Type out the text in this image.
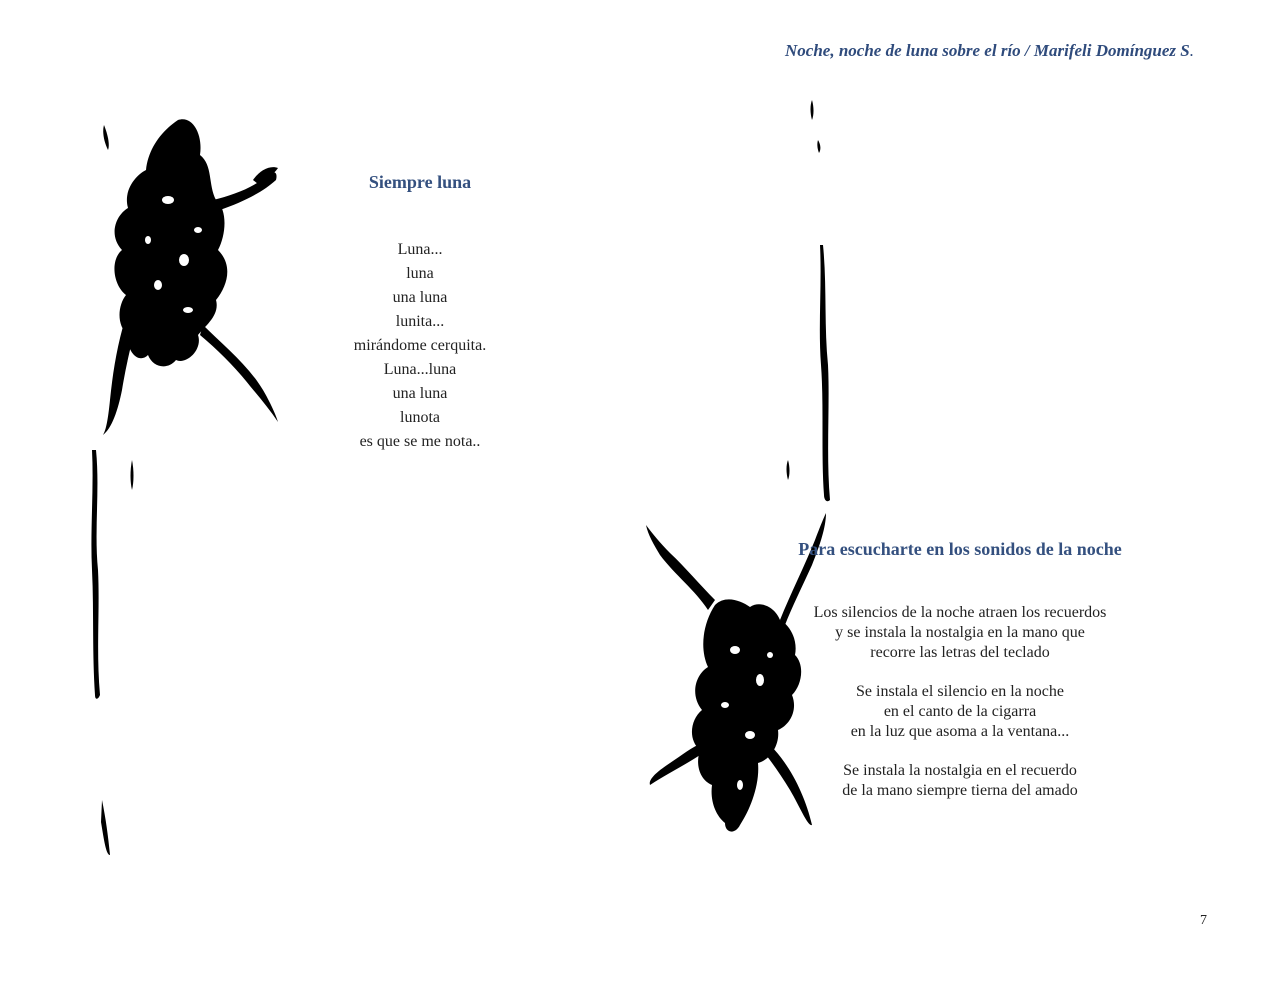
Noche, noche de luna sobre el río / Marifeli Domínguez S.
Siempre luna
Luna...
luna
una luna
lunita...
mirándome cerquita.
Luna...luna
una luna
lunota
es que se me nota..
Para escucharte en los sonidos de la noche
Los silencios de la noche atraen los recuerdos
y se instala la nostalgia en la mano que
recorre las letras del teclado
Se instala el silencio en la noche
en el canto de la cigarra
en la luz que asoma a la ventana...
Se instala la nostalgia en el recuerdo
de la mano siempre tierna del amado
7
